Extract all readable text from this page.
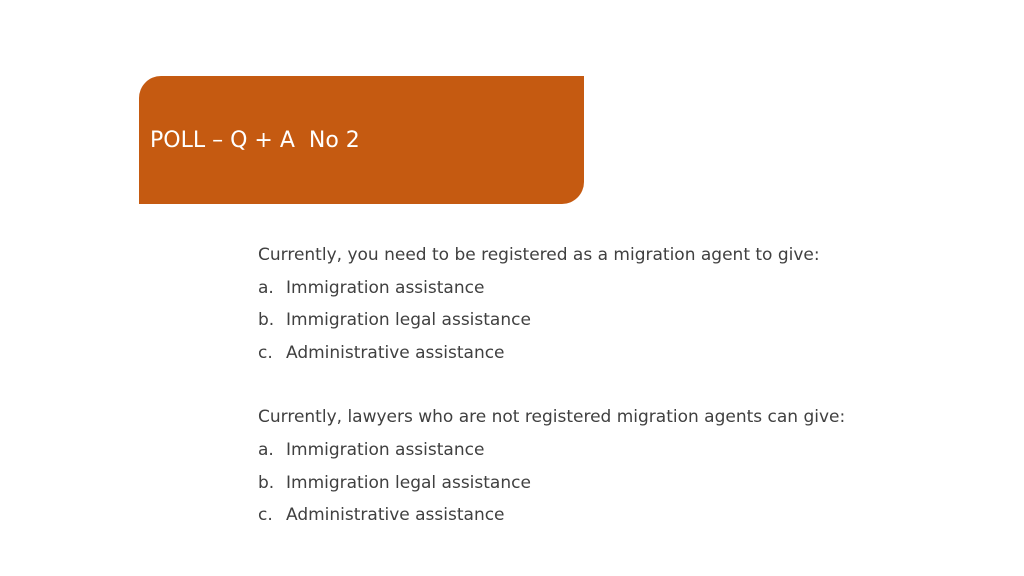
POLL – Q + A  No 2
Currently, you need to be registered as a migration agent to give:
a. Immigration assistance
b. Immigration legal assistance
c. Administrative assistance
Currently, lawyers who are not registered migration agents can give:
a. Immigration assistance
b. Immigration legal assistance
c. Administrative assistance
